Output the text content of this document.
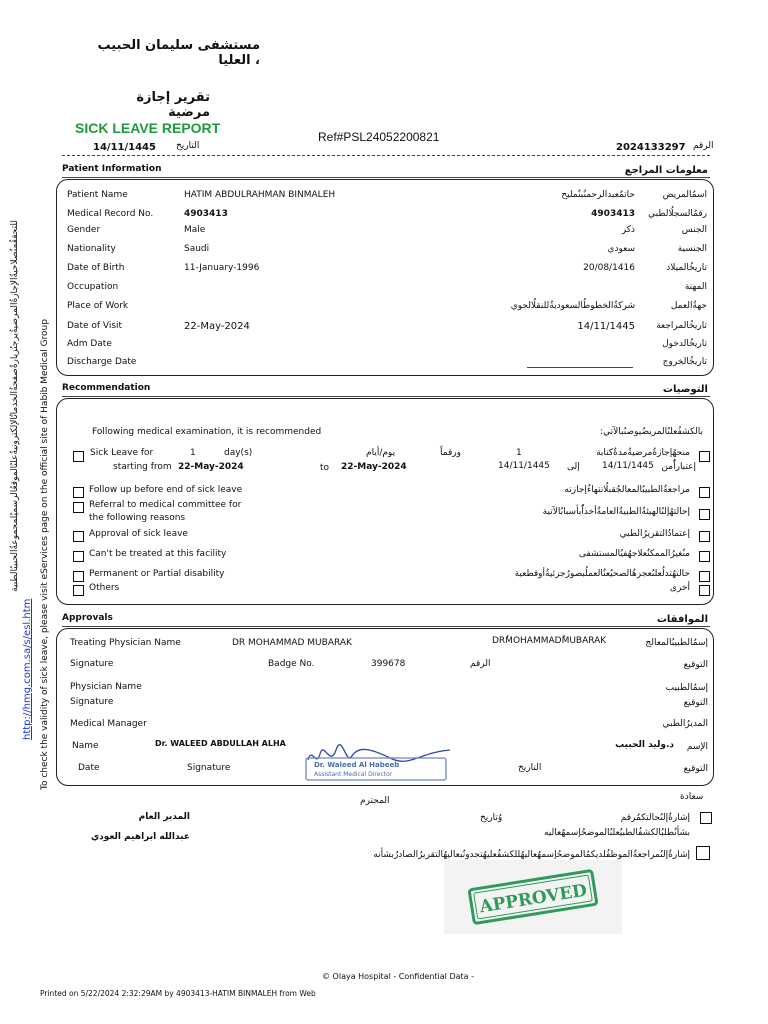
مستشفى سليمان الحبيب ، العليا
تقرير إجازة مرضية
SICK LEAVE REPORT
Ref#PSL24052200821
14/11/1445 التاريخ	2024133297 الرقم
Patient Information	معلومات المراجع
Patient Name	HATIM ABDULRAHMAN BINMALEH	حاتمٌعبدالرحمنٌبنٌمليح	اسمُالمريض
Medical Record No.	4903413	4903413	رقمُالسجلُالطبي
Gender	Male	ذكر	الجنس
Nationality	Saudi	سعودي	الجنسية
Date of Birth	11-January-1996	20/08/1416	تاريخُالميلاد
Occupation	المهنة
Place of Work	شركةُالخطوطُالسعوديةُللنقلُالجوي	جهةُالعمل
Date of Visit	22-May-2024	14/11/1445	تاريخُالمراجعة
Adm Date	تاريخُالدخول
Discharge Date	تاريخُالخروج
Recommendation	التوصيات
Following medical examination, it is recommended	بالكشفُعلىُالمريضُيوصىُبالآتي:
Sick Leave for	1	day(s)	يوم/أيام	ورقماً	1	منحهُإجازةُمرضيةُمدةُكتابة
starting from 22-May-2024	to 22-May-2024	14/11/1445 إلى 14/11/1445 إعتباراًُمن
Follow up before end of sick leave	مراجعةُالطبيبُالمعالجُقبلُانتهاءُإجازته
Referral to medical committee for
the following reasons
إحالتهُإلىُالهيئةُالطبيةُالعامةُأخذاًُبأسبابُالآتية
Approval of sick leave	إعتمادُالتقريرُالطبي
Can't be treated at this facility	منُغيرُالممكنُعلاجهُفيُالمستشفى
Permanent or Partial disability	حالتهُتدلُعلىُعجزهُالصحيُعنُالعملُبصورُجزئيةُأوقطعية
Others	أخرى
Approvals	الموافقات
Treating Physician Name	DR MOHAMMAD MUBARAK	DRُMOHAMMADُMUBARAK	إسمُالطبيبُالمعالج
Signature	Badge No.	399678	الرقم	التوقيع
Physician Name	إسمُالطبيب
Signature	التوقيع
Medical Manager	المديرُالطبي
Name	Dr. WALEED ABDULLAH ALHA	د.وليد الحبيب	الإسم
Date	Signature	التاريخ	التوقيع
Dr. Waleed Al Habeeb
Assistant Medical Director
سعادة
المحترم
المدير العام	وُتاريخ	إشارةُإلىُحالتكمُرقم
بشأنُطلبُالكشفُالطبيُعلىُالموضحُإسمهُعاليه
عبدالله ابراهيم العودي
إشارةُإلىُمراجعةُالموظفُلديكمُالموضحُإسمهُعاليهُللكشفُعليهُتجدونُبعاليهُالتقريرُالصادرُبشأنه
APPROVED
To check the validity of sick leave, please visit eServices page on the official site of Habib Medical Group
http://hmg.com.sa/s/esl.htm
للتحققُمنُصلاحيةُالإجازةُالمرضيةُيرجىُزيارةُصفحةُالخدماتُالإلكترونيةُعلىُالموقعُالرسميُلمجموعةُالحبيبُالطبية
© Olaya Hospital - Confidential Data -
Printed on 5/22/2024 2:32:29AM by 4903413-HATIM BINMALEH from Web
